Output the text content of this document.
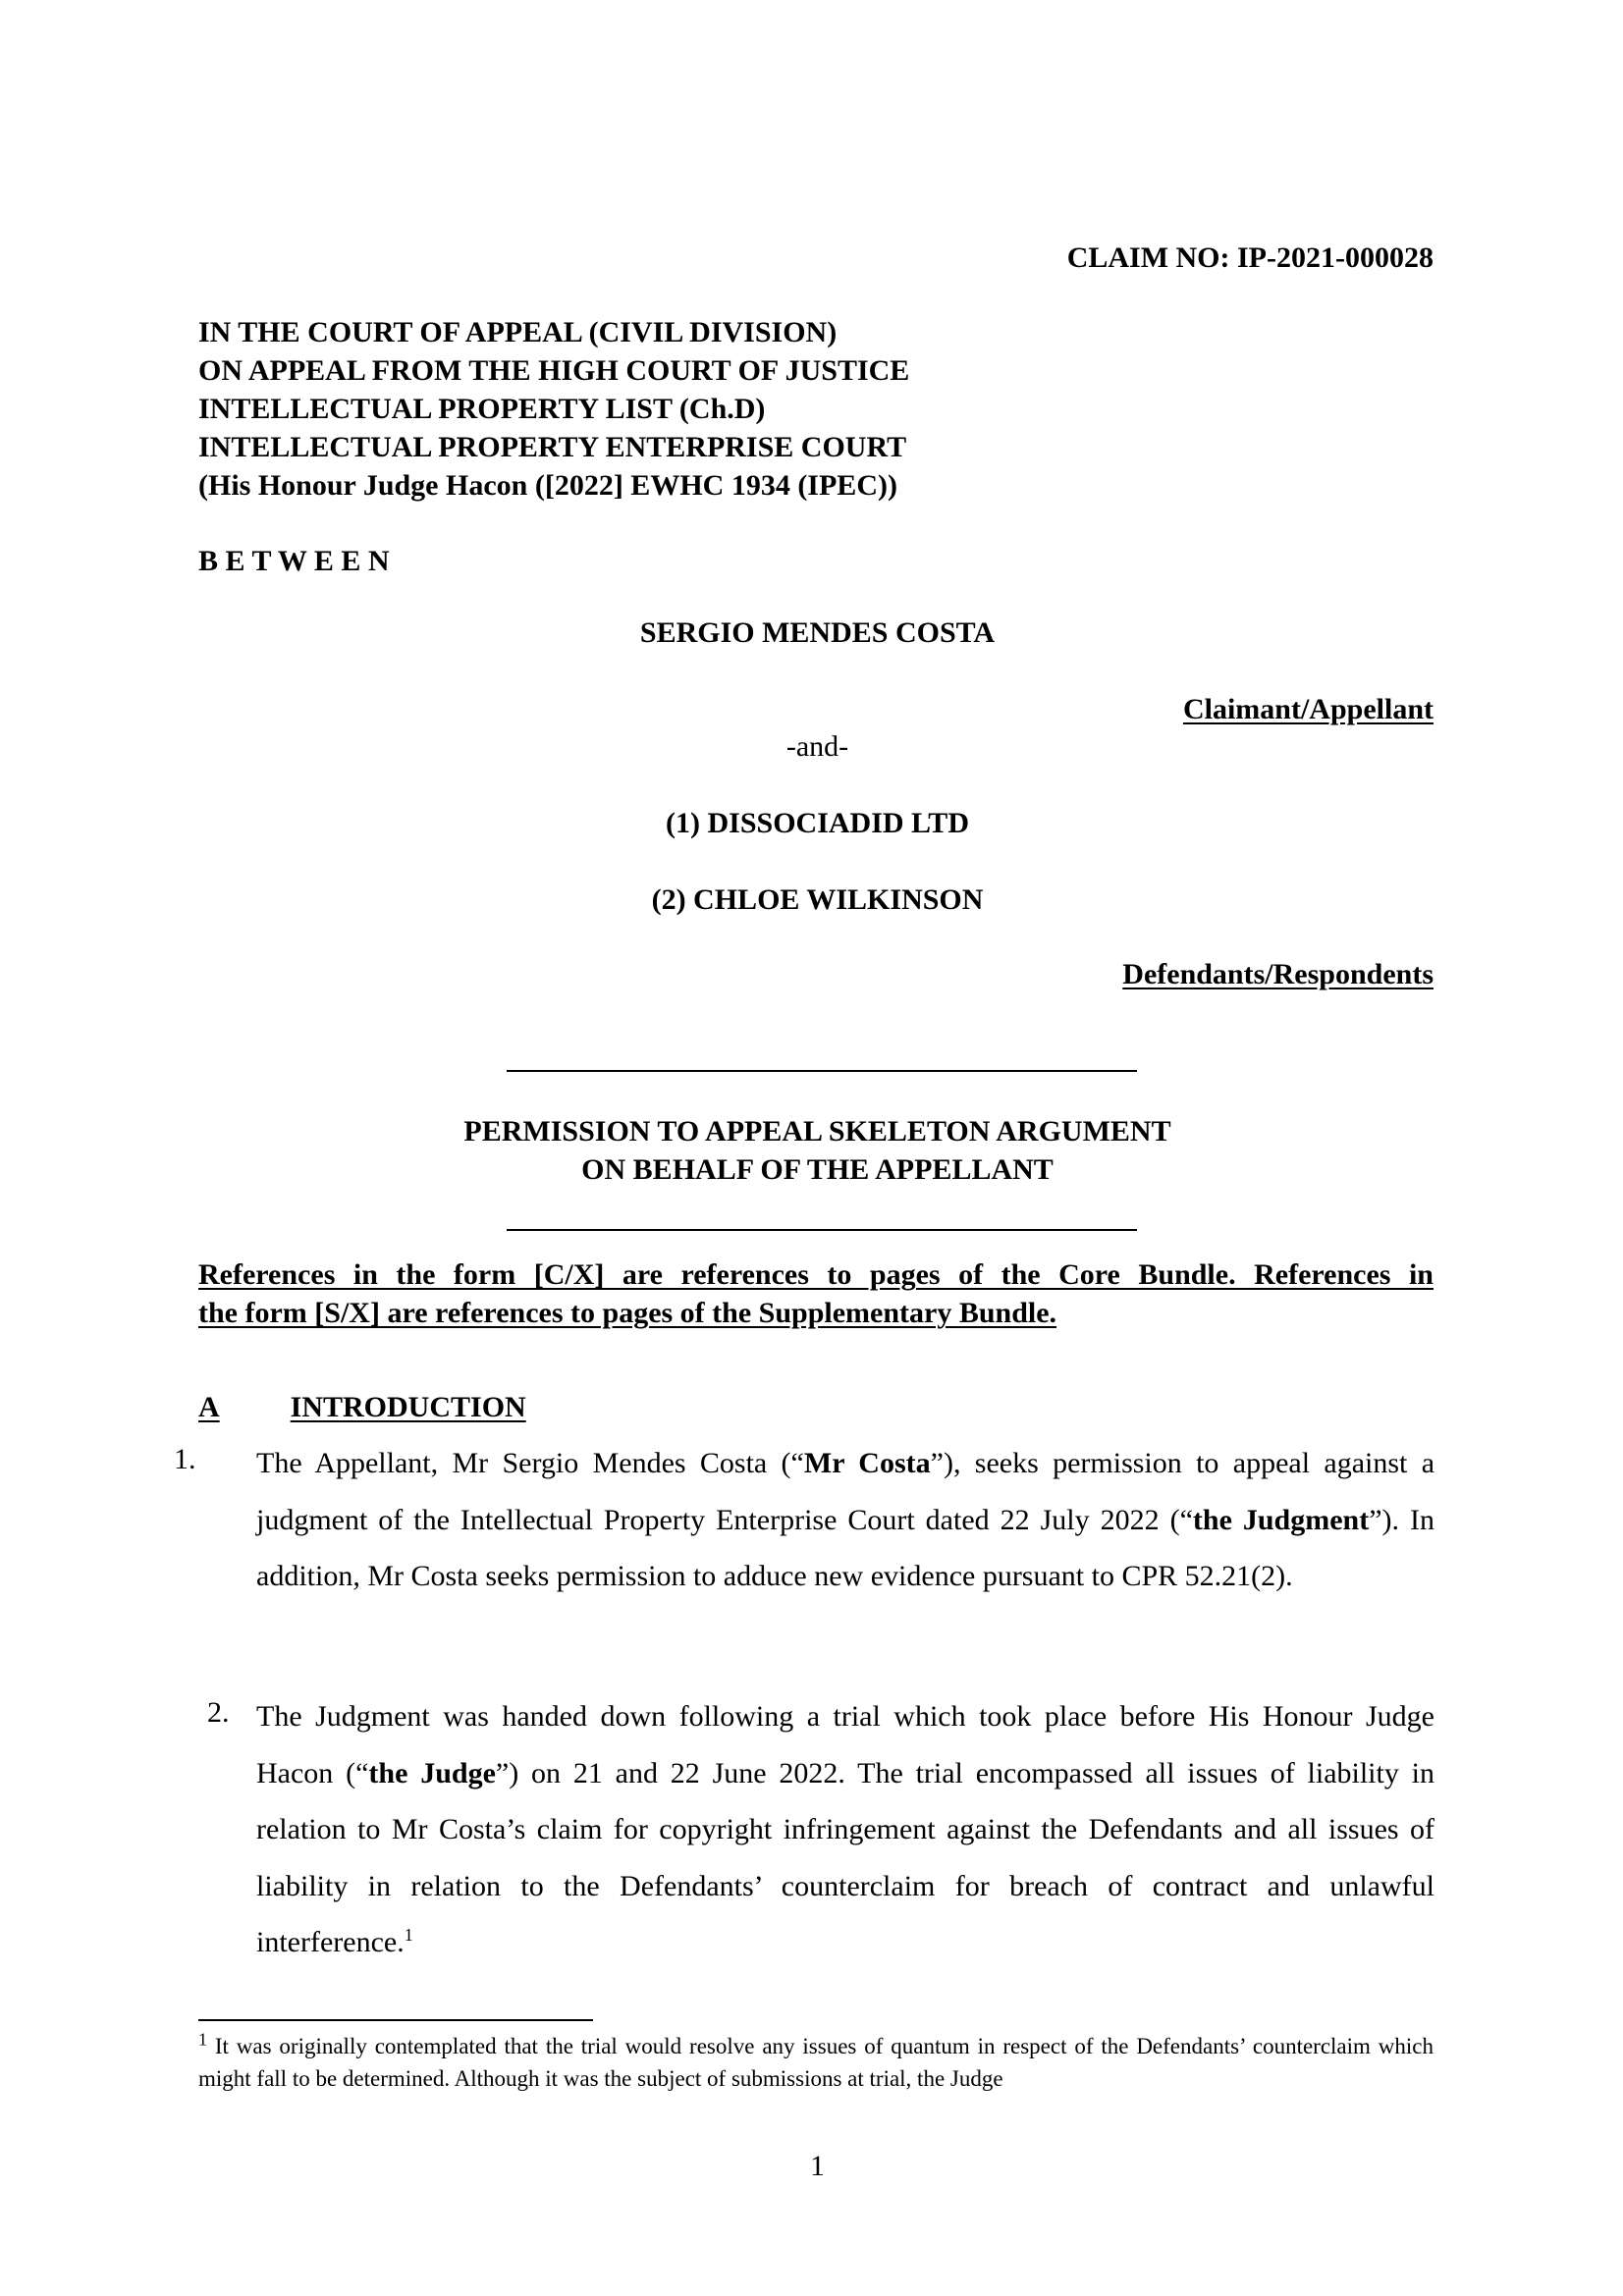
CLAIM NO: IP-2021-000028
IN THE COURT OF APPEAL (CIVIL DIVISION)
ON APPEAL FROM THE HIGH COURT OF JUSTICE
INTELLECTUAL PROPERTY LIST (Ch.D)
INTELLECTUAL PROPERTY ENTERPRISE COURT
(His Honour Judge Hacon ([2022] EWHC 1934 (IPEC))
B E T W E E N
SERGIO MENDES COSTA
Claimant/Appellant
-and-
(1) DISSOCIADID LTD
(2) CHLOE WILKINSON
Defendants/Respondents
PERMISSION TO APPEAL SKELETON ARGUMENT
ON BEHALF OF THE APPELLANT
References in the form [C/X] are references to pages of the Core Bundle. References in
the form [S/X] are references to pages of the Supplementary Bundle.
A INTRODUCTION
1. The Appellant, Mr Sergio Mendes Costa (“Mr Costa”), seeks permission to appeal against a judgment of the Intellectual Property Enterprise Court dated 22 July 2022 (“the Judgment”). In addition, Mr Costa seeks permission to adduce new evidence pursuant to CPR 52.21(2).
2. The Judgment was handed down following a trial which took place before His Honour Judge Hacon (“the Judge”) on 21 and 22 June 2022. The trial encompassed all issues of liability in relation to Mr Costa’s claim for copyright infringement against the Defendants and all issues of liability in relation to the Defendants’ counterclaim for breach of contract and unlawful interference.$^1$
$^1$ It was originally contemplated that the trial would resolve any issues of quantum in respect of the Defendants’ counterclaim which might fall to be determined. Although it was the subject of submissions at trial, the Judge
1
